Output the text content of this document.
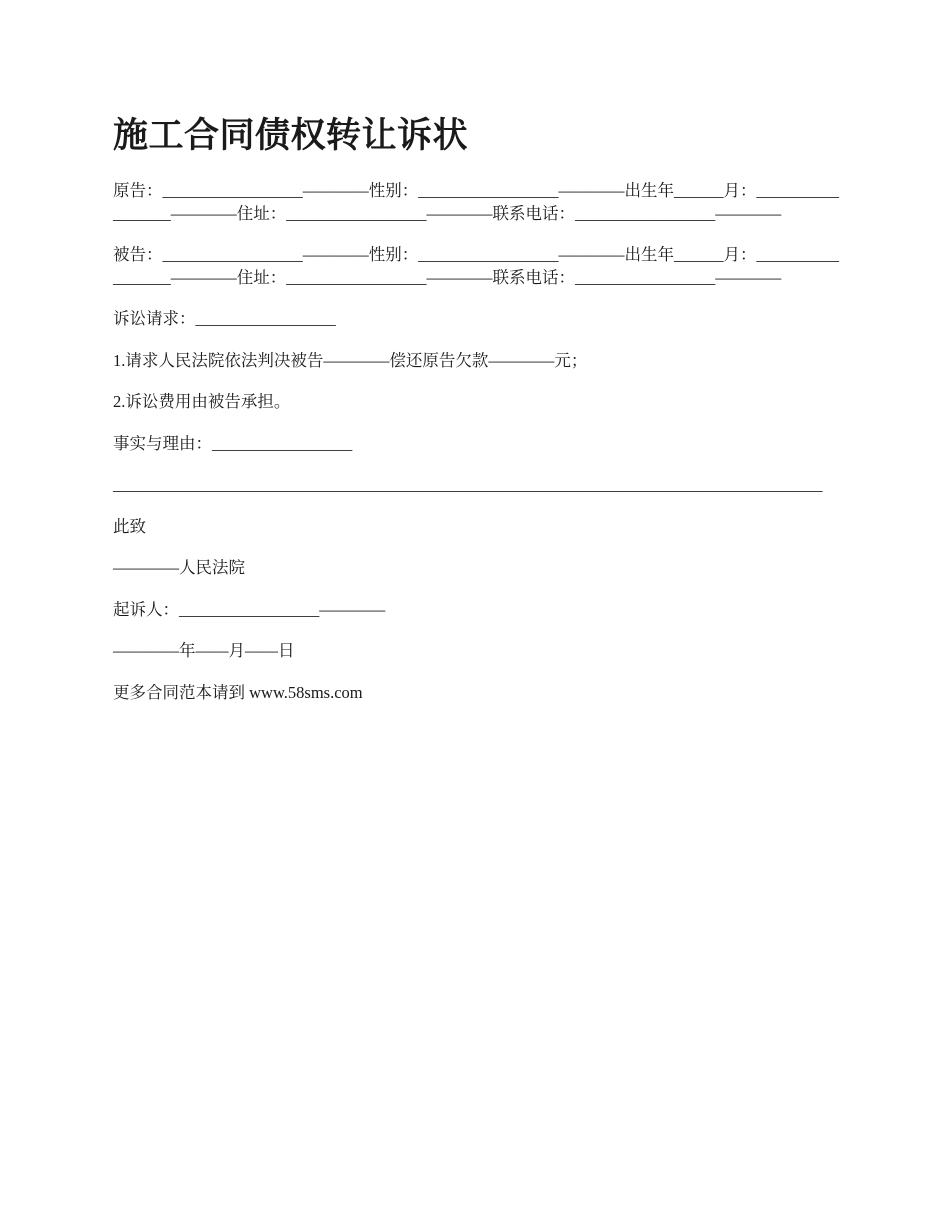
施工合同债权转让诉状

原告：_________________————性别：_________________————出生年______月：_________________————住址：_________________————联系电话：_________________————

被告：_________________————性别：_________________————出生年______月：_________________————住址：_________________————联系电话：_________________————

诉讼请求：_________________

1.请求人民法院依法判决被告————偿还原告欠款————元；

2.诉讼费用由被告承担。

事实与理由：_________________

______________________________________________________________________________________

此致

————人民法院

起诉人：_________________————

————年——月——日

更多合同范本请到 www.58sms.com
